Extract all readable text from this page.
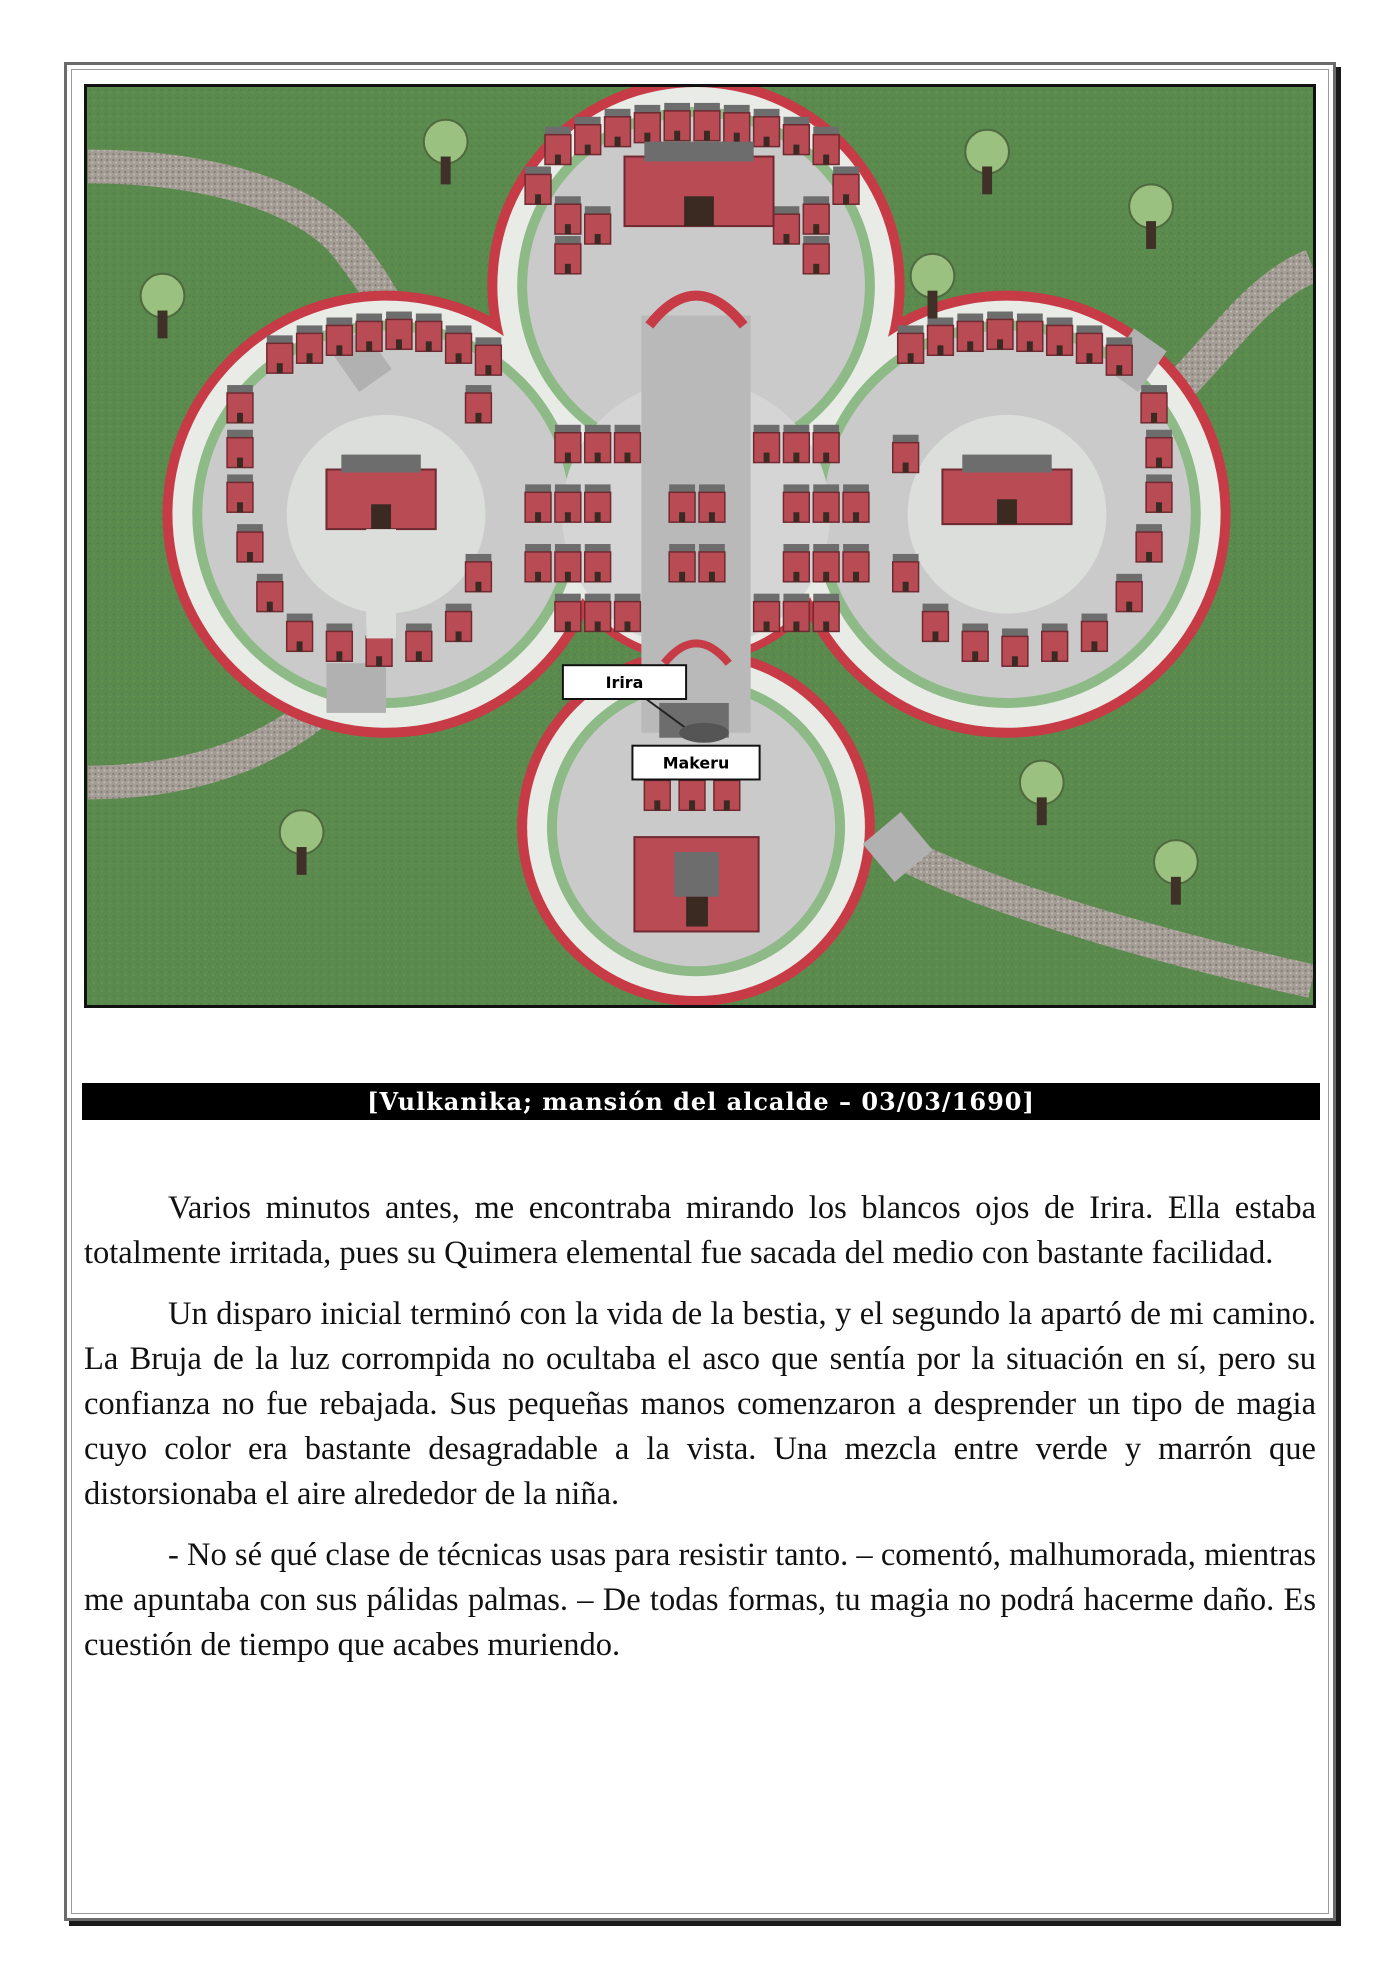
Irira
Makeru
[Vulkanika; mansión del alcalde – 03/03/1690]

Varios minutos antes, me encontraba mirando los blancos ojos de Irira. Ella estaba totalmente irritada, pues su Quimera elemental fue sacada del medio con bastante facilidad.

Un disparo inicial terminó con la vida de la bestia, y el segundo la apartó de mi camino. La Bruja de la luz corrompida no ocultaba el asco que sentía por la situación en sí, pero su confianza no fue rebajada. Sus pequeñas manos comenzaron a desprender un tipo de magia cuyo color era bastante desagradable a la vista. Una mezcla entre verde y marrón que distorsionaba el aire alrededor de la niña.

- No sé qué clase de técnicas usas para resistir tanto. – comentó, malhumorada, mientras me apuntaba con sus pálidas palmas. – De todas formas, tu magia no podrá hacerme daño. Es cuestión de tiempo que acabes muriendo.
